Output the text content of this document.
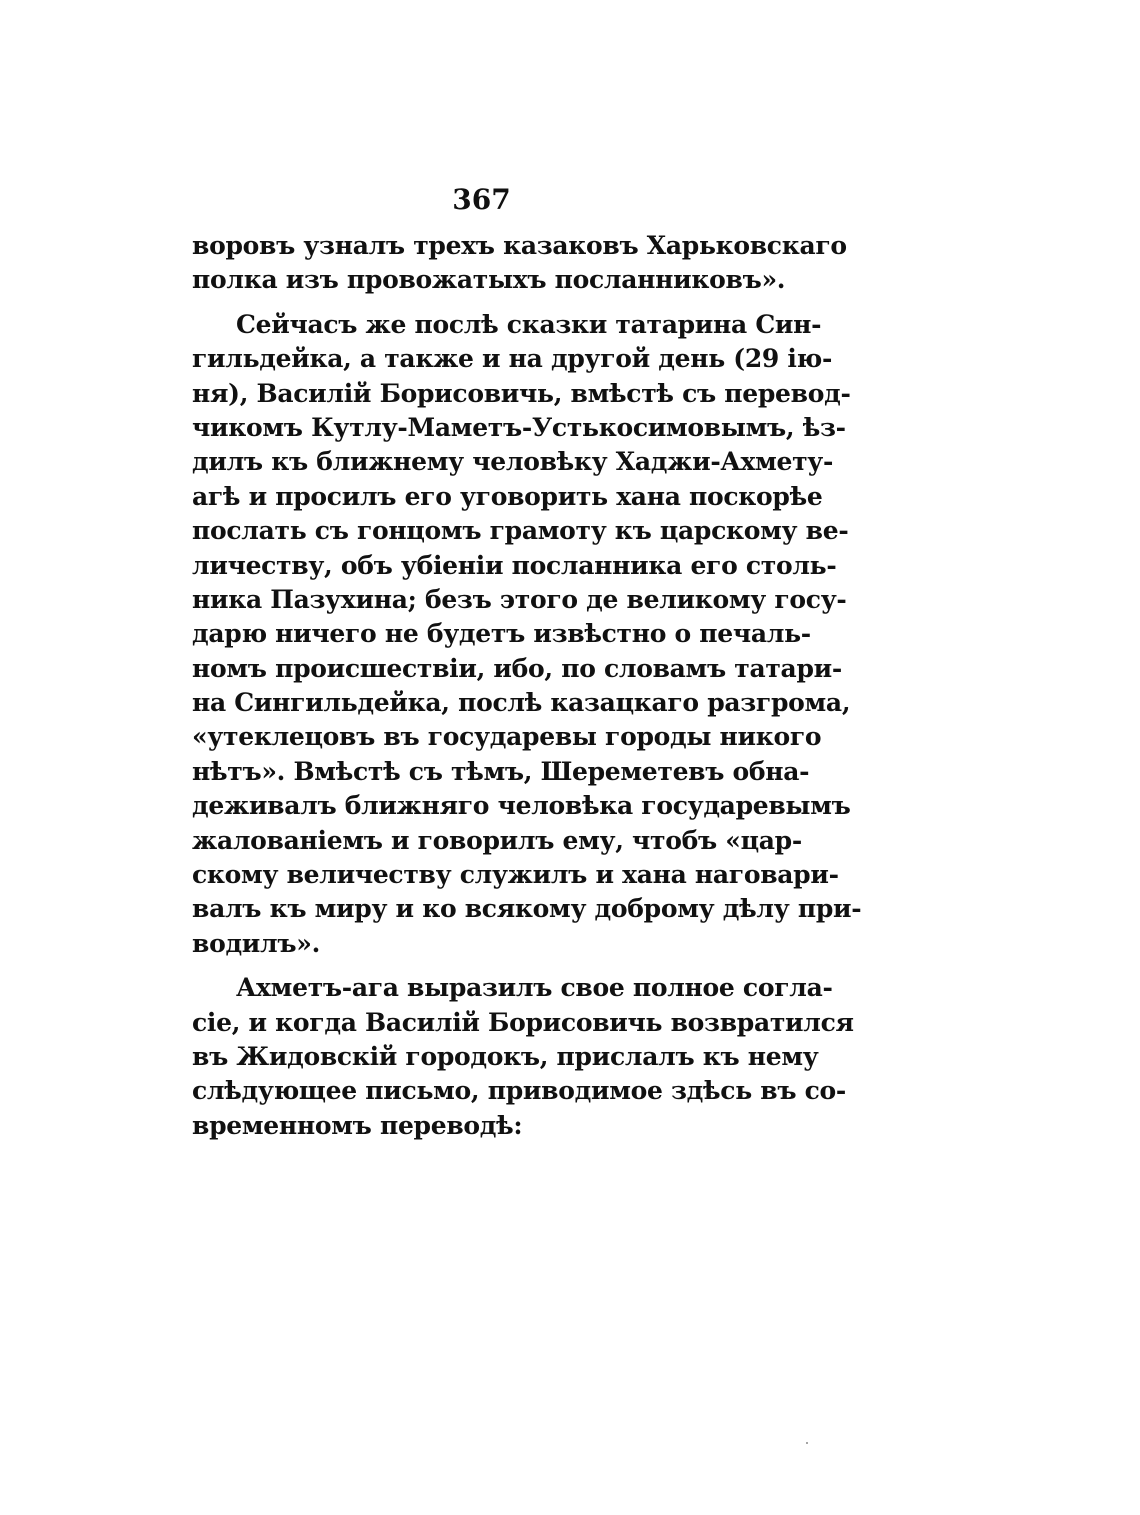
367
воровъ узналъ трехъ казаковъ Харьковскаго
полка изъ провожатыхъ посланниковъ».
Сейчасъ же послѣ сказки татарина Син-
гильдейка, а также и на другой день (29 ію-
ня), Василій Борисовичь, вмѣстѣ съ перевод-
чикомъ Кутлу-Маметъ-Устькосимовымъ, ѣз-
дилъ къ ближнему человѣку Хаджи-Ахмету-
агѣ и просилъ его уговорить хана поскорѣе
послать съ гонцомъ грамоту къ царскому ве-
личеству, объ убіеніи посланника его столь-
ника Пазухина; безъ этого де великому госу-
дарю ничего не будетъ извѣстно о печаль-
номъ происшествіи, ибо, по словамъ татари-
на Сингильдейка, послѣ казацкаго разгрома,
«утеклецовъ въ государевы городы никого
нѣтъ». Вмѣстѣ съ тѣмъ, Шереметевъ обна-
деживалъ ближняго человѣка государевымъ
жалованіемъ и говорилъ ему, чтобъ «цар-
скому величеству служилъ и хана наговари-
валъ къ миру и ко всякому доброму дѣлу при-
водилъ».
Ахметъ-ага выразилъ свое полное согла-
сіе, и когда Василій Борисовичь возвратился
въ Жидовскій городокъ, прислалъ къ нему
слѣдующее письмо, приводимое здѣсь въ со-
временномъ переводѣ:
